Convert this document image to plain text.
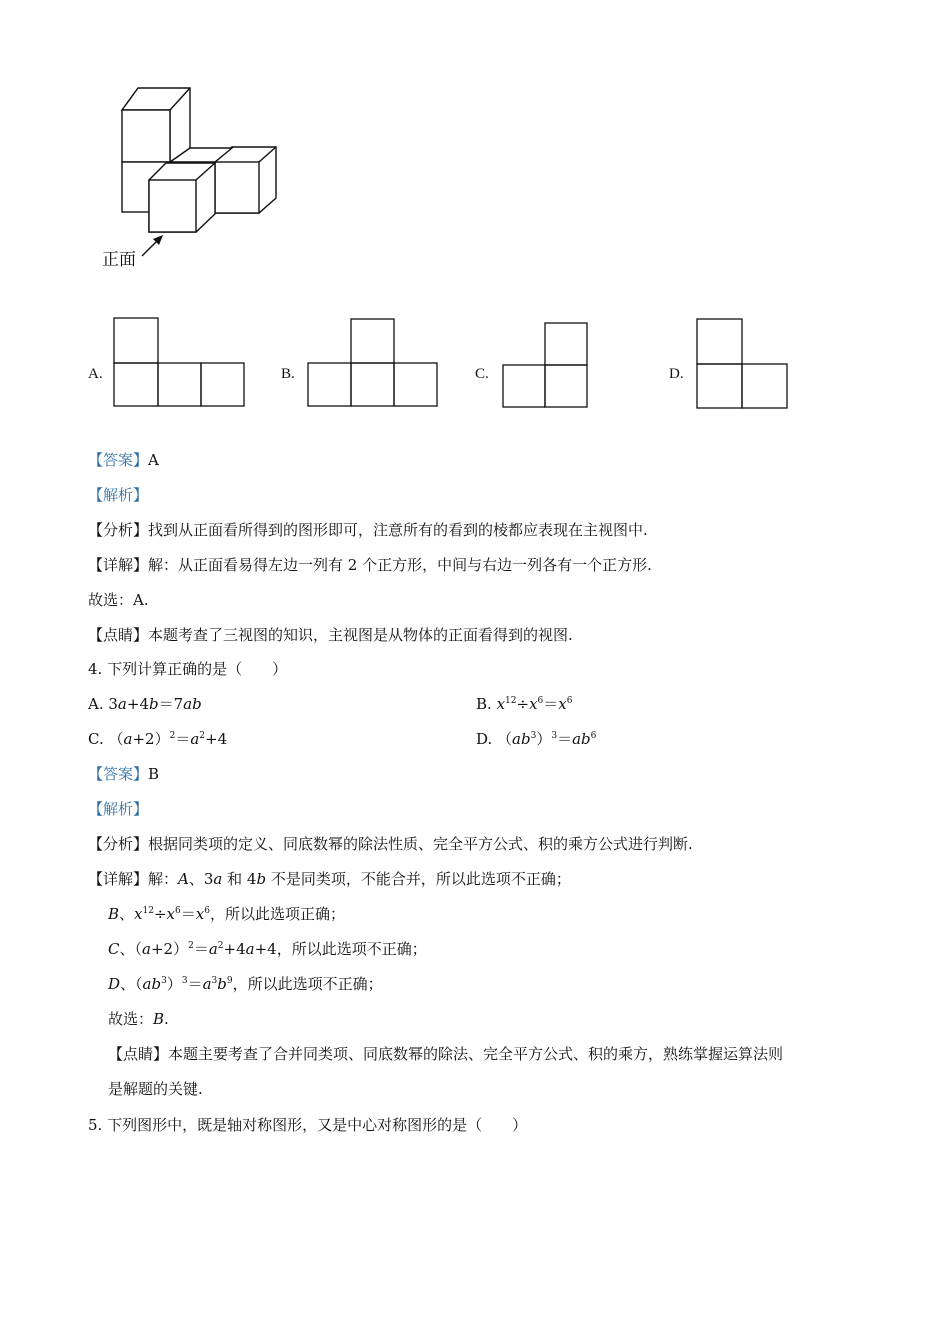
正面
A.	B.	C.	D.
【答案】A
【解析】
【分析】找到从正面看所得到的图形即可，注意所有的看到的棱都应表现在主视图中.
【详解】解：从正面看易得左边一列有 2 个正方形，中间与右边一列各有一个正方形.
故选：A.
【点睛】本题考查了三视图的知识，主视图是从物体的正面看得到的视图.
4. 下列计算正确的是（　　）
A. 3a+4b＝7ab	B. $x^{12}\div x^6=x^6$
C. $(a+2)^2=a^2+4$	D. $(ab^3)^3=ab^6$
【答案】B
【解析】
【分析】根据同类项的定义、同底数幂的除法性质、完全平方公式、积的乘方公式进行判断.
【详解】解：A、3a 和 4b 不是同类项，不能合并，所以此选项不正确；
B、$x^{12}\div x^6=x^6$，所以此选项正确；
C、$(a+2)^2=a^2+4a+4$，所以此选项不正确；
D、$(ab^3)^3=a^3b^9$，所以此选项不正确；
故选：B.
【点睛】本题主要考查了合并同类项、同底数幂的除法、完全平方公式、积的乘方，熟练掌握运算法则
是解题的关键.
5. 下列图形中，既是轴对称图形，又是中心对称图形的是（　　）
